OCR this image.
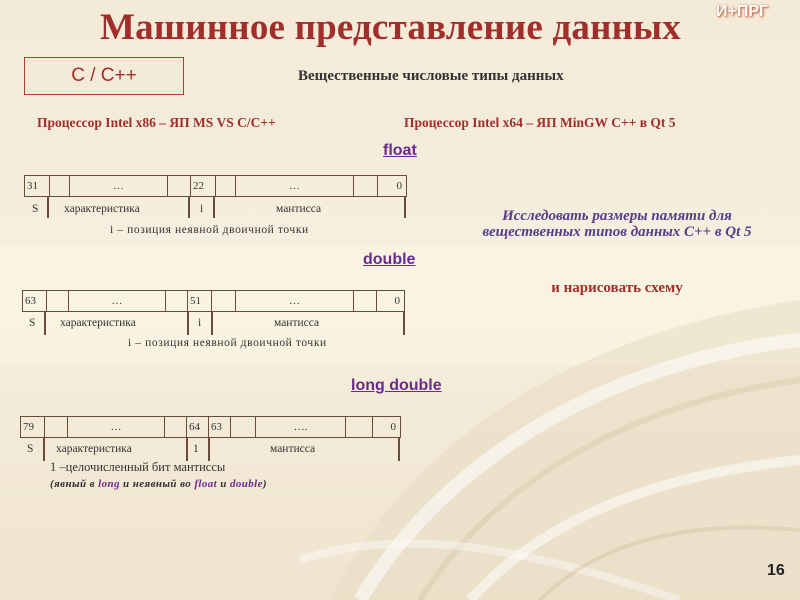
Машинное представление данных И+ПРГ
C / C++	Вещественные числовые типы данных
Процессор Intel x86 – ЯП MS VS C/C++	Процессор Intel x64 – ЯП MinGW C++ в Qt 5
float
31		…		22		…		0
S характеристика	i	мантисса
i – позиция неявной двоичной точки
double
63		…		51		…		0
S характеристика	i	мантисса
i – позиция неявной двоичной точки
long double
79		…		64	63		….		0
S характеристика	1	мантисса
1 –целочисленный бит мантиссы
(явный в long и неявный во float и double)
Исследовать размеры памяти для вещественных типов данных С++ в Qt 5
и нарисовать схему
16
